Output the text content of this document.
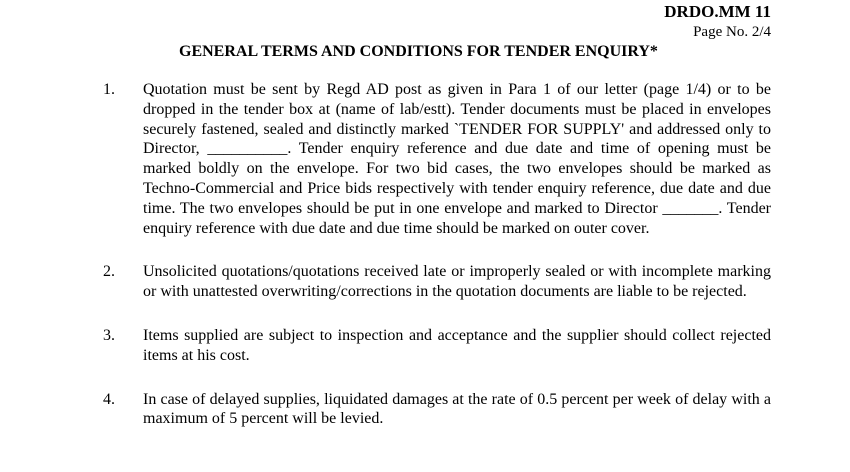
DRDO.MM 11
Page No. 2/4
GENERAL TERMS AND CONDITIONS FOR TENDER ENQUIRY*
1. Quotation must be sent by Regd AD post as given in Para 1 of our letter (page 1/4) or to be dropped in the tender box at (name of lab/estt). Tender documents must be placed in envelopes securely fastened, sealed and distinctly marked `TENDER FOR SUPPLY' and addressed only to Director, __________. Tender enquiry reference and due date and time of opening must be marked boldly on the envelope. For two bid cases, the two envelopes should be marked as Techno-Commercial and Price bids respectively with tender enquiry reference, due date and due time. The two envelopes should be put in one envelope and marked to Director _______. Tender enquiry reference with due date and due time should be marked on outer cover.
2. Unsolicited quotations/quotations received late or improperly sealed or with incomplete marking or with unattested overwriting/corrections in the quotation documents are liable to be rejected.
3. Items supplied are subject to inspection and acceptance and the supplier should collect rejected items at his cost.
4. In case of delayed supplies, liquidated damages at the rate of 0.5 percent per week of delay with a maximum of 5 percent will be levied.
